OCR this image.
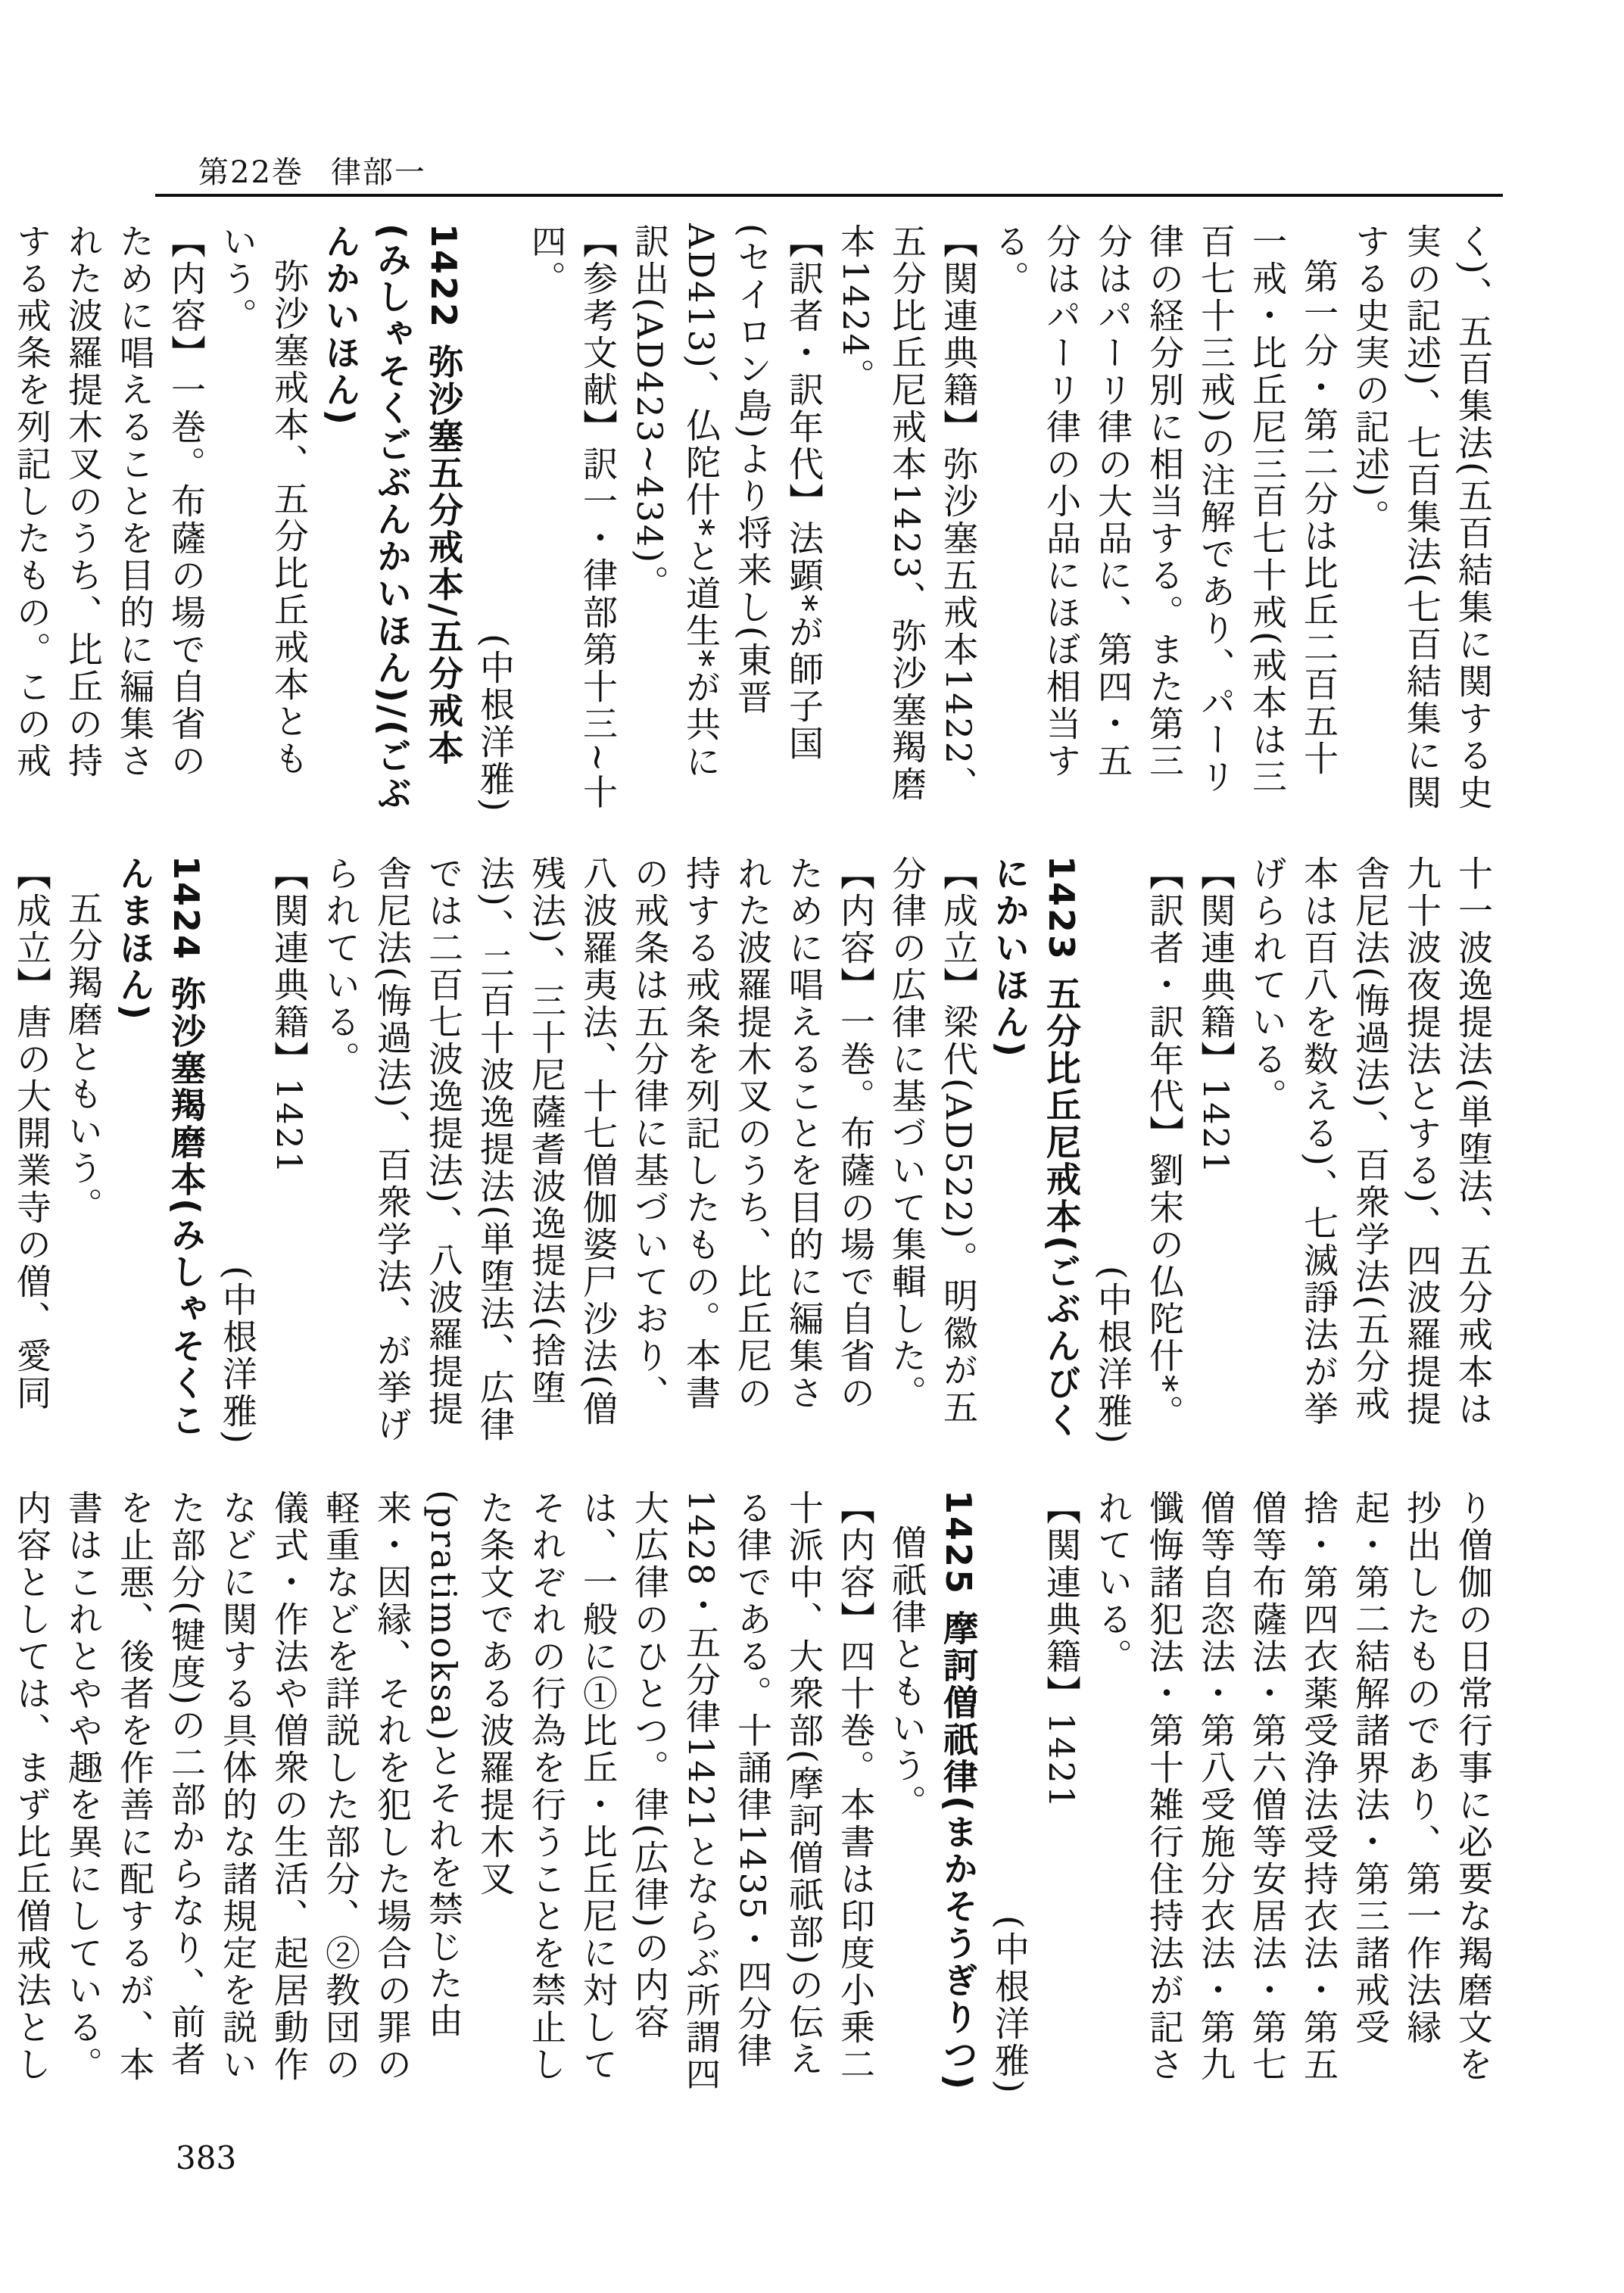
第22巻 律部一

く)、五百集法(五百結集に関する史実の記述)、七百集法(七百結集に関する史実の記述)。

第一分・第二分は比丘二百五十一戒・比丘尼三百七十戒(戒本は三百七十三戒)の注解であり、パーリ律の経分別に相当する。また第三分はパーリ律の大品に、第四・五分はパーリ律の小品にほぼ相当する。

【関連典籍】弥沙塞五戒本1422、五分比丘尼戒本1423、弥沙塞羯磨本1424。

【訳者・訳年代】法顕*が師子国(セイロン島)より将来し(東晋AD413)、仏陀什*と道生*が共に訳出(AD423~434)。

【参考文献】訳一・律部第十三~十四。

(中根洋雅)

1422 弥沙塞五分戒本/五分戒本(みしゃそくごぶんかいほん)/(ごぶんかいほん)

弥沙塞戒本、五分比丘戒本ともいう。

【内容】一巻。布薩の場で自省のために唱えることを目的に編集された波羅提木叉のうち、比丘の持する戒条を列記したもの。この戒

十一波逸提法(単堕法、五分戒本は九十波夜提法とする)、四波羅提提舎尼法(悔過法)、百衆学法(五分戒本は百八を数える)、七滅諍法が挙げられている。

【関連典籍】1421

【訳者・訳年代】劉宋の仏陀什*。

(中根洋雅)

1423 五分比丘尼戒本(ごぶんびくにかいほん)

【成立】梁代(AD522)。明徽が五分律の広律に基づいて集輯した。

【内容】一巻。布薩の場で自省のために唱えることを目的に編集された波羅提木叉のうち、比丘尼の持する戒条を列記したもの。本書の戒条は五分律に基づいており、八波羅夷法、十七僧伽婆尸沙法(僧残法)、三十尼薩耆波逸提法(捨堕法)、二百十波逸提法(単堕法、広律では二百七波逸提法)、八波羅提提舎尼法(悔過法)、百衆学法、が挙げられている。

【関連典籍】1421

(中根洋雅)

1424 弥沙塞羯磨本(みしゃそくこんまほん)

五分羯磨ともいう。

【成立】唐の大開業寺の僧、愛同

り僧伽の日常行事に必要な羯磨文を抄出したものであり、第一作法縁起・第二結解諸界法・第三諸戒受捨・第四衣薬受浄法受持衣法・第五僧等布薩法・第六僧等安居法・第七僧等自恣法・第八受施分衣法・第九懺悔諸犯法・第十雑行住持法が記されている。

【関連典籍】1421

(中根洋雅)

1425 摩訶僧祇律(まかそうぎりつ)

僧祇律ともいう。

【内容】四十巻。本書は印度小乗二十派中、大衆部(摩訶僧祇部)の伝える律である。十誦律1435・四分律1428・五分律1421とならぶ所謂四大広律のひとつ。律(広律)の内容は、一般に①比丘・比丘尼に対してそれぞれの行為を行うことを禁止した条文である波羅提木叉(pratimoksa)とそれを禁じた由来・因縁、それを犯した場合の罪の軽重などを詳説した部分、②教団の儀式・作法や僧衆の生活、起居動作などに関する具体的な諸規定を説いた部分(犍度)の二部からなり、前者を止悪、後者を作善に配するが、本書はこれとやや趣を異にしている。内容としては、まず比丘僧戒法とし

383
